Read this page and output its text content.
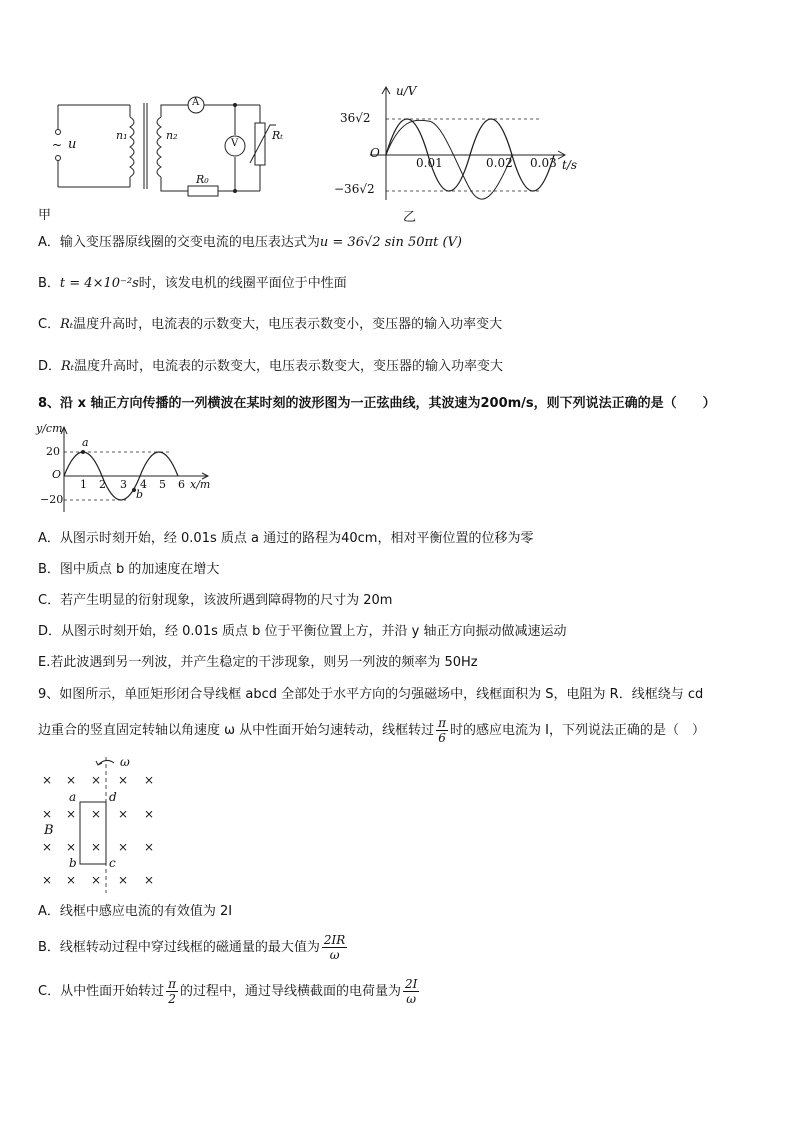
~ u
n₁	n₂
A
V
R₀
Rₜ
甲
u/V
36√2
O
−36√2
0.01	0.02 0.03 t/s
乙
A．输入变压器原线圈的交变电流的电压表达式为u = 36√2 sin 50πt (V)
B．t = 4×10⁻²s时，该发电机的线圈平面位于中性面
C．Rₜ温度升高时，电流表的示数变大，电压表示数变小，变压器的输入功率变大
D．Rₜ温度升高时，电流表的示数变大，电压表示数变大，变压器的输入功率变大
8、沿 x 轴正方向传播的一列横波在某时刻的波形图为一正弦曲线，其波速为200m/s，则下列说法正确的是（　　）
y/cm
20
O
−20
1 2 3 4 5 6 x/m
a
b
A．从图示时刻开始，经 0.01s 质点 a 通过的路程为40cm，相对平衡位置的位移为零
B．图中质点 b 的加速度在增大
C．若产生明显的衍射现象，该波所遇到障碍物的尺寸为 20m
D．从图示时刻开始，经 0.01s 质点 b 位于平衡位置上方，并沿 y 轴正方向振动做减速运动
E.若此波遇到另一列波，并产生稳定的干涉现象，则另一列波的频率为 50Hz
9、如图所示，单匝矩形闭合导线框 abcd 全部处于水平方向的匀强磁场中，线框面积为 S，电阻为 R．线框绕与 cd
边重合的竖直固定转轴以角速度 ω 从中性面开始匀速转动，线框转过 $\frac{\pi}{6}$ 时的感应电流为 I，下列说法正确的是（　）
× × × × ×
× × × × ×
× × × × ×
× × × × ×
ω
B
a	d
b	c
A．线框中感应电流的有效值为 2I
B．线框转动过程中穿过线框的磁通量的最大值为 $\frac{2IR}{\omega}$
C．从中性面开始转过 $\frac{\pi}{2}$ 的过程中，通过导线横截面的电荷量为 $\frac{2I}{\omega}$
